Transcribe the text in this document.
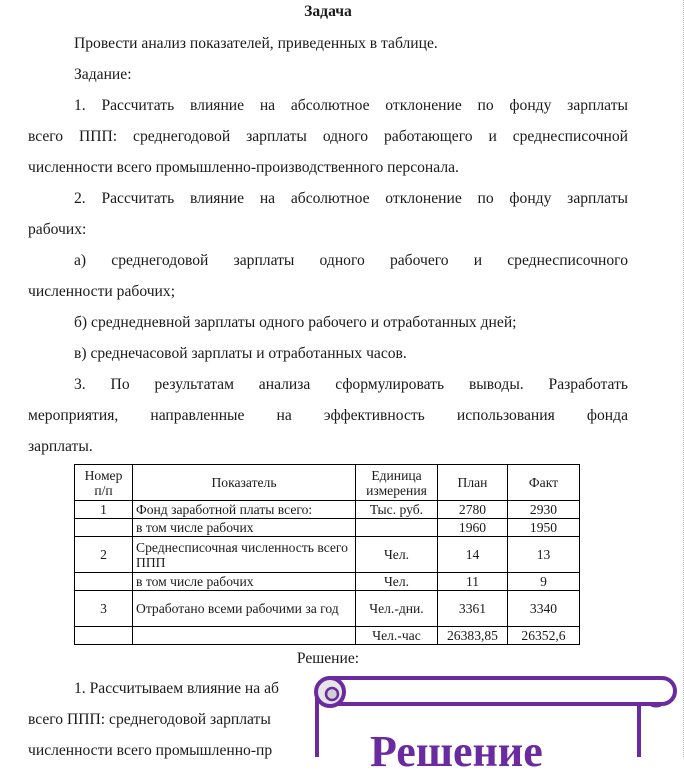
Задача
Провести анализ показателей, приведенных в таблице.
Задание:
1. Рассчитать влияние на абсолютное отклонение по фонду зарплаты
всего ППП: среднегодовой зарплаты одного работающего и среднесписочной
численности всего промышленно-производственного персонала.
2. Рассчитать влияние на абсолютное отклонение по фонду зарплаты
рабочих:
а) среднегодовой зарплаты одного рабочего и среднесписочного
численности рабочих;
б) среднедневной зарплаты одного рабочего и отработанных дней;
в) среднечасовой зарплаты и отработанных часов.
3. По результатам анализа сформулировать выводы. Разработать
мероприятия, направленные на эффективность использования фонда
зарплаты.
Номер п/п	Показатель	Единица измерения	План	Факт
1	Фонд заработной платы всего:	Тыс. руб.	2780	2930
	в том числе рабочих		1960	1950
2	Среднесписочная численность всего ППП	Чел.	14	13
	в том числе рабочих	Чел.	11	9
3	Отработано всеми рабочими за год	Чел.-дни.	3361	3340
		Чел.-час	26383,85	26352,6
Решение:
1. Рассчитываем влияние на аб
всего ППП: среднегодовой зарплаты
численности всего промышленно-пр Решение
